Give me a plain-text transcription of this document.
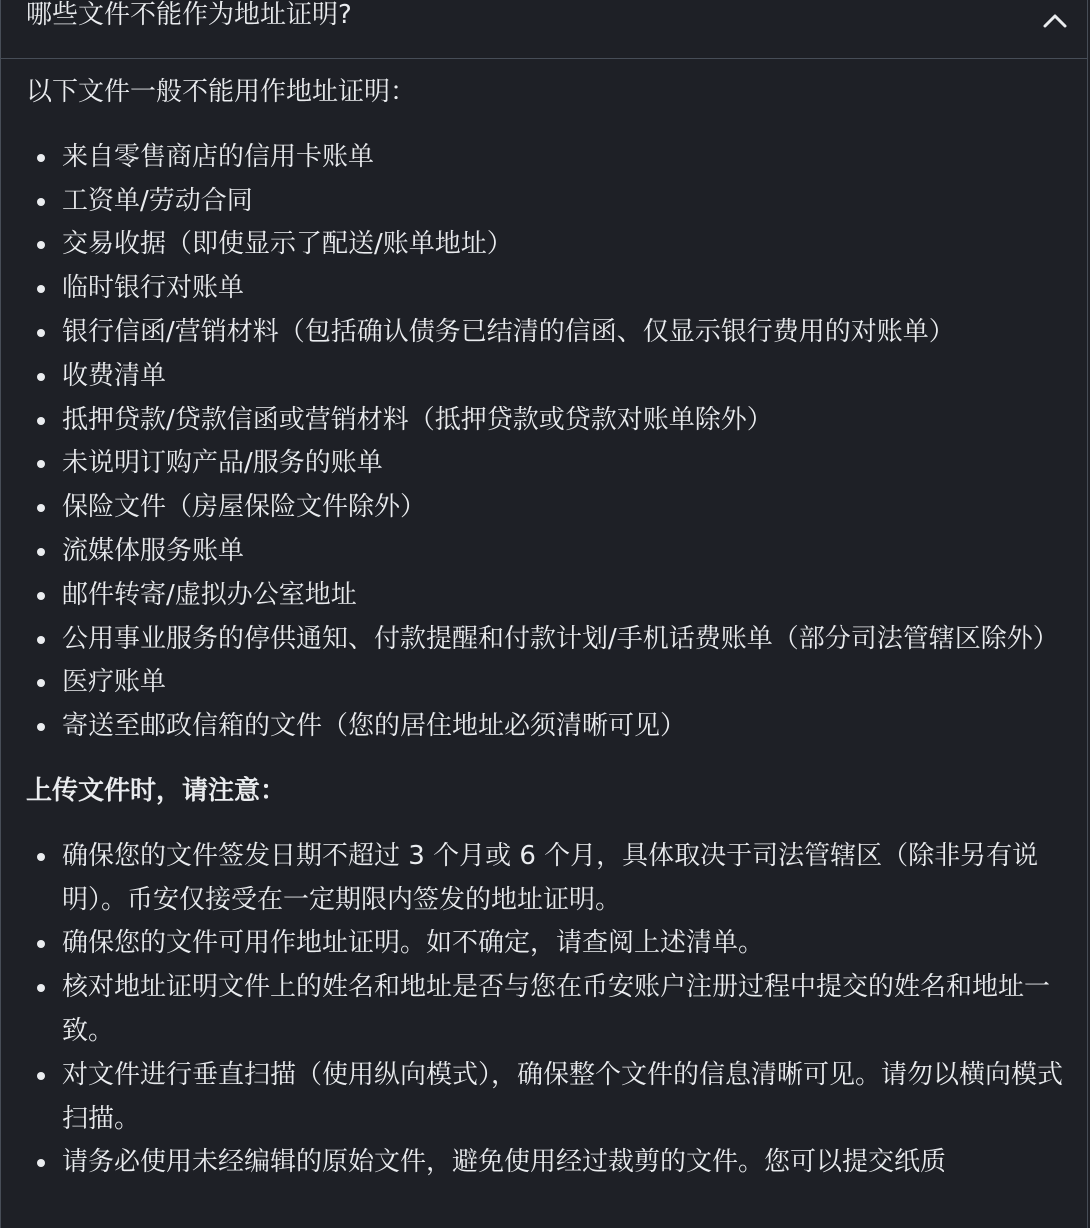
哪些文件不能作为地址证明?

以下文件一般不能用作地址证明：

来自零售商店的信用卡账单
工资单/劳动合同
交易收据（即使显示了配送/账单地址）
临时银行对账单
银行信函/营销材料（包括确认债务已结清的信函、仅显示银行费用的对账单）
收费清单
抵押贷款/贷款信函或营销材料（抵押贷款或贷款对账单除外）
未说明订购产品/服务的账单
保险文件（房屋保险文件除外）
流媒体服务账单
邮件转寄/虚拟办公室地址
公用事业服务的停供通知、付款提醒和付款计划/手机话费账单（部分司法管辖区除外）
医疗账单
寄送至邮政信箱的文件（您的居住地址必须清晰可见）

上传文件时，请注意：

确保您的文件签发日期不超过 3 个月或 6 个月，具体取决于司法管辖区（除非另有说明）。币安仅接受在一定期限内签发的地址证明。
确保您的文件可用作地址证明。如不确定，请查阅上述清单。
核对地址证明文件上的姓名和地址是否与您在币安账户注册过程中提交的姓名和地址一致。
对文件进行垂直扫描（使用纵向模式），确保整个文件的信息清晰可见。请勿以横向模式扫描。
请务必使用未经编辑的原始文件，避免使用经过裁剪的文件。您可以提交纸质
